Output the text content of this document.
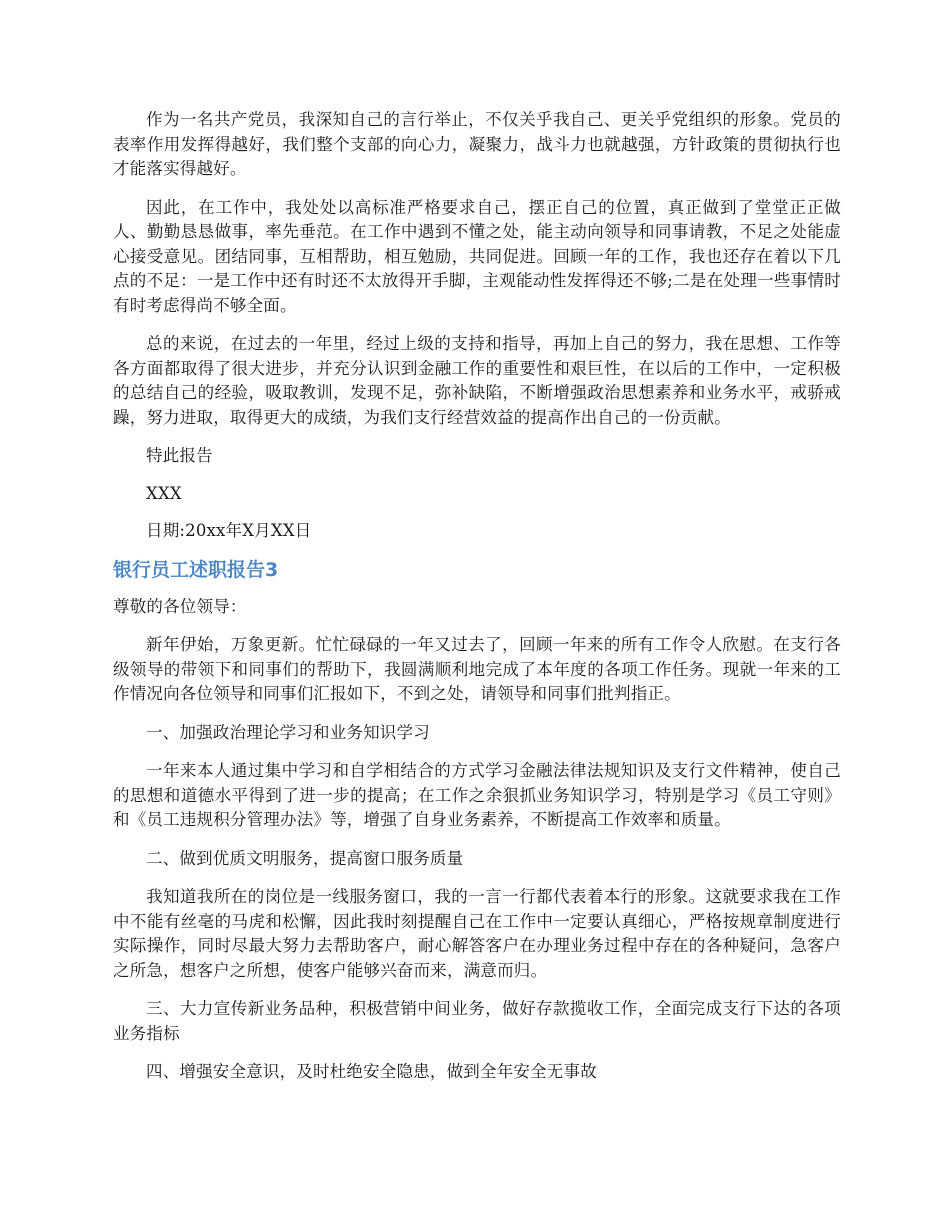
作为一名共产党员，我深知自己的言行举止，不仅关乎我自己、更关乎党组织的形象。党员的表率作用发挥得越好，我们整个支部的向心力，凝聚力，战斗力也就越强，方针政策的贯彻执行也才能落实得越好。

因此，在工作中，我处处以高标准严格要求自己，摆正自己的位置，真正做到了堂堂正正做人、勤勤恳恳做事，率先垂范。在工作中遇到不懂之处，能主动向领导和同事请教，不足之处能虚心接受意见。团结同事，互相帮助，相互勉励，共同促进。回顾一年的工作，我也还存在着以下几点的不足：一是工作中还有时还不太放得开手脚，主观能动性发挥得还不够;二是在处理一些事情时有时考虑得尚不够全面。

总的来说，在过去的一年里，经过上级的支持和指导，再加上自己的努力，我在思想、工作等各方面都取得了很大进步，并充分认识到金融工作的重要性和艰巨性，在以后的工作中，一定积极的总结自己的经验，吸取教训，发现不足，弥补缺陷，不断增强政治思想素养和业务水平，戒骄戒躁，努力进取，取得更大的成绩，为我们支行经营效益的提高作出自己的一份贡献。

特此报告

XXX

日期:20xx年X月XX日

银行员工述职报告3

尊敬的各位领导：

新年伊始，万象更新。忙忙碌碌的一年又过去了，回顾一年来的所有工作令人欣慰。在支行各级领导的带领下和同事们的帮助下，我圆满顺利地完成了本年度的各项工作任务。现就一年来的工作情况向各位领导和同事们汇报如下，不到之处，请领导和同事们批判指正。

一、加强政治理论学习和业务知识学习

一年来本人通过集中学习和自学相结合的方式学习金融法律法规知识及支行文件精神，使自己的思想和道德水平得到了进一步的提高；在工作之余狠抓业务知识学习，特别是学习《员工守则》和《员工违规积分管理办法》等，增强了自身业务素养，不断提高工作效率和质量。

二、做到优质文明服务，提高窗口服务质量

我知道我所在的岗位是一线服务窗口，我的一言一行都代表着本行的形象。这就要求我在工作中不能有丝毫的马虎和松懈，因此我时刻提醒自己在工作中一定要认真细心，严格按规章制度进行实际操作，同时尽最大努力去帮助客户，耐心解答客户在办理业务过程中存在的各种疑问，急客户之所急，想客户之所想，使客户能够兴奋而来，满意而归。

三、大力宣传新业务品种，积极营销中间业务，做好存款揽收工作，全面完成支行下达的各项业务指标

四、增强安全意识，及时杜绝安全隐患，做到全年安全无事故
